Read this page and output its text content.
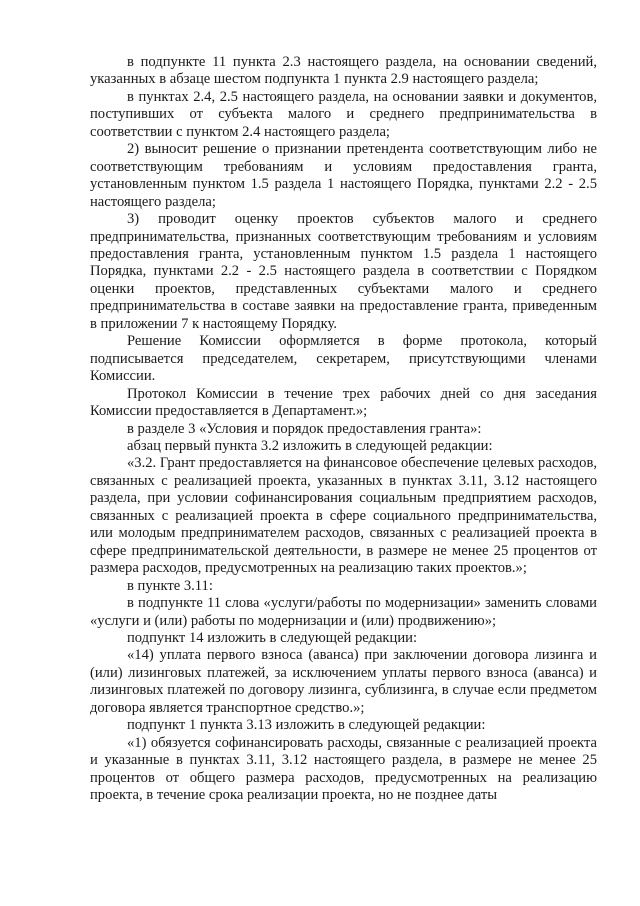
в подпункте 11 пункта 2.3 настоящего раздела, на основании сведений, указанных в абзаце шестом подпункта 1 пункта 2.9 настоящего раздела;

в пунктах 2.4, 2.5 настоящего раздела, на основании заявки и документов, поступивших от субъекта малого и среднего предпринимательства в соответствии с пунктом 2.4 настоящего раздела;

2) выносит решение о признании претендента соответствующим либо не соответствующим требованиям и условиям предоставления гранта, установленным пунктом 1.5 раздела 1 настоящего Порядка, пунктами 2.2 - 2.5 настоящего раздела;

3) проводит оценку проектов субъектов малого и среднего предпринимательства, признанных соответствующим требованиям и условиям предоставления гранта, установленным пунктом 1.5 раздела 1 настоящего Порядка, пунктами 2.2 - 2.5 настоящего раздела в соответствии с Порядком оценки проектов, представленных субъектами малого и среднего предпринимательства в составе заявки на предоставление гранта, приведенным в приложении 7 к настоящему Порядку.

Решение Комиссии оформляется в форме протокола, который подписывается председателем, секретарем, присутствующими членами Комиссии.

Протокол Комиссии в течение трех рабочих дней со дня заседания Комиссии предоставляется в Департамент.»;

в разделе 3 «Условия и порядок предоставления гранта»:

абзац первый пункта 3.2 изложить в следующей редакции:

«3.2. Грант предоставляется на финансовое обеспечение целевых расходов, связанных с реализацией проекта, указанных в пунктах 3.11, 3.12 настоящего раздела, при условии софинансирования социальным предприятием расходов, связанных с реализацией проекта в сфере социального предпринимательства, или молодым предпринимателем расходов, связанных с реализацией проекта в сфере предпринимательской деятельности, в размере не менее 25 процентов от размера расходов, предусмотренных на реализацию таких проектов.»;

в пункте 3.11:

в подпункте 11 слова «услуги/работы по модернизации» заменить словами «услуги и (или) работы по модернизации и (или) продвижению»;

подпункт 14 изложить в следующей редакции:

«14) уплата первого взноса (аванса) при заключении договора лизинга и (или) лизинговых платежей, за исключением уплаты первого взноса (аванса) и лизинговых платежей по договору лизинга, сублизинга, в случае если предметом договора является транспортное средство.»;

подпункт 1 пункта 3.13 изложить в следующей редакции:

«1) обязуется софинансировать расходы, связанные с реализацией проекта и указанные в пунктах 3.11, 3.12 настоящего раздела, в размере не менее 25 процентов от общего размера расходов, предусмотренных на реализацию проекта, в течение срока реализации проекта, но не позднее даты
